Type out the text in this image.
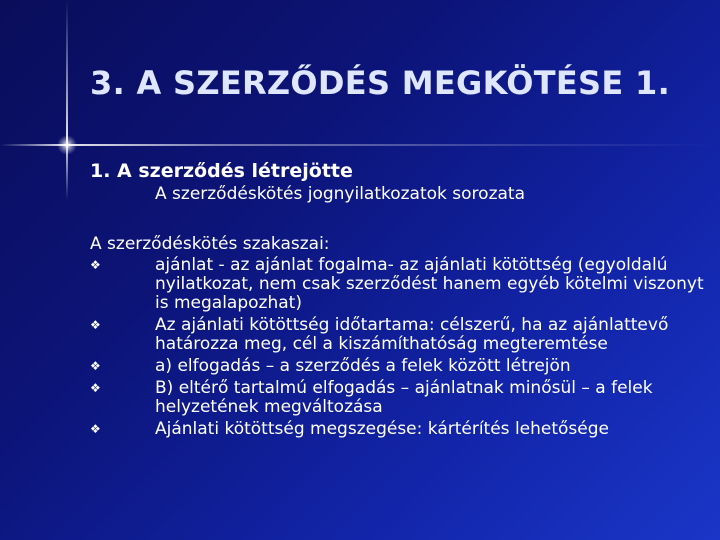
3. A SZERZŐDÉS MEGKÖTÉSE 1.
1. A szerződés létrejötte
A szerződéskötés jognyilatkozatok sorozata
A szerződéskötés szakaszai:
❖	ajánlat - az ajánlat fogalma- az ajánlati kötöttség (egyoldalú nyilatkozat, nem csak szerződést hanem egyéb kötelmi viszonyt is megalapozhat)
❖	Az ajánlati kötöttség időtartama: célszerű, ha az ajánlattevő határozza meg, cél a kiszámíthatóság megteremtése
❖	a) elfogadás – a szerződés a felek között létrejön
❖	B) eltérő tartalmú elfogadás – ajánlatnak minősül – a felek helyzetének megváltozása
❖	Ajánlati kötöttség megszegése: kártérítés lehetősége
